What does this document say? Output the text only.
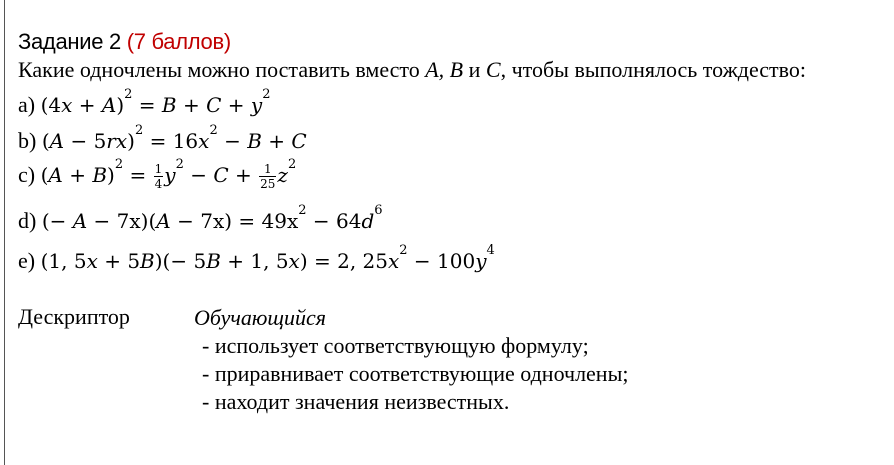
Задание 2 (7 баллов)
Какие одночлены можно поставить вместо A, B и C, чтобы выполнялось тождество:
a) $(4x + A)^2 = B + C + y^2$
b) $(A - 5rx)^2 = 16x^2 - B + C$
c) $(A + B)^2 = \frac{1}{4} y^2 - C + \frac{1}{25} z^2$
d) (− $A - 7x)(A - 7x) = 49x^2 - 64d^6$
e) (1, 5x + 5B)(− 5B + 1, 5x) = 2, $25x^2 - 100y^4$
Дескриптор	Обучающийся
- использует соответствующую формулу;
- приравнивает соответствующие одночлены;
- находит значения неизвестных.
